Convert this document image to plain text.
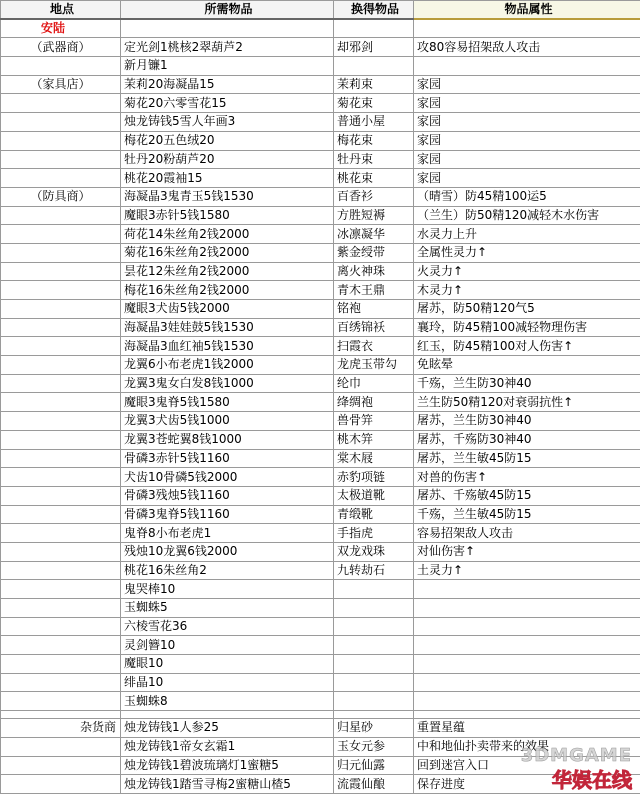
地点	所需物品	换得物品	物品属性
安陆			
（武器商）	定光剑1桃核2翠葫芦2	却邪剑	攻80容易招架敌人攻击
	新月镰1		
（家具店）	茉莉20海凝晶15	茉莉束	家园
	菊花20六零雪花15	菊花束	家园
	烛龙铸钱5雪人年画3	普通小屋	家园
	梅花20五色绒20	梅花束	家园
	牡丹20粉葫芦20	牡丹束	家园
	桃花20霞袖15	桃花束	家园
（防具商）	海凝晶3鬼青玉5钱1530	百香衫	（晴雪）防45精100运5
	魔眼3赤针5钱1580	方胜短褥	（兰生）防50精120减轻木水伤害
	荷花14朱丝角2钱2000	冰凛凝华	水灵力上升
	菊花16朱丝角2钱2000	紫金绶带	全属性灵力↑
	昙花12朱丝角2钱2000	离火神珠	火灵力↑
	梅花16朱丝角2钱2000	青木王鼎	木灵力↑
	魔眼3犬齿5钱2000	铭袍	屠苏，防50精120气5
	海凝晶3娃娃鼓5钱1530	百绣锦袄	襄玲，防45精100减轻物理伤害
	海凝晶3血红袖5钱1530	扫霞衣	红玉，防45精100对人伤害↑
	龙翼6小布老虎1钱2000	龙虎玉带勾	免眩晕
	龙翼3鬼女白发8钱1000	纶巾	千殇，兰生防30神40
	魔眼3鬼脊5钱1580	绛绸袍	兰生防50精120对衰弱抗性↑
	龙翼3犬齿5钱1000	兽骨笄	屠苏，兰生防30神40
	龙翼3苍蛇翼8钱1000	桃木笄	屠苏，千殇防30神40
	骨磷3赤针5钱1160	棠木屐	屠苏，兰生敏45防15
	犬齿10骨磷5钱2000	赤豹项链	对兽的伤害↑
	骨磷3残烛5钱1160	太极道靴	屠苏、千殇敏45防15
	骨磷3鬼脊5钱1160	青缎靴	千殇，兰生敏45防15
	鬼脊8小布老虎1	手指虎	容易招架敌人攻击
	残烛10龙翼6钱2000	双龙戏珠	对仙伤害↑
	桃花16朱丝角2	九转劫石	土灵力↑
	鬼哭棒10		
	玉蜘蛛5		
	六棱雪花36		
	灵剑簪10		
	魔眼10		
	绯晶10		
	玉蜘蛛8		

杂货商	烛龙铸钱1人参25	归星砂	重置星蕴
	烛龙铸钱1帝女玄霜1	玉女元参	中和地仙扑卖带来的效果
	烛龙铸钱1碧波琉璃灯1蜜糖5	归元仙露	回到迷宫入口
	烛龙铸钱1踏雪寻梅2蜜糖山楂5	流霞仙酿	保存进度
3DMGAME
华娱在线
